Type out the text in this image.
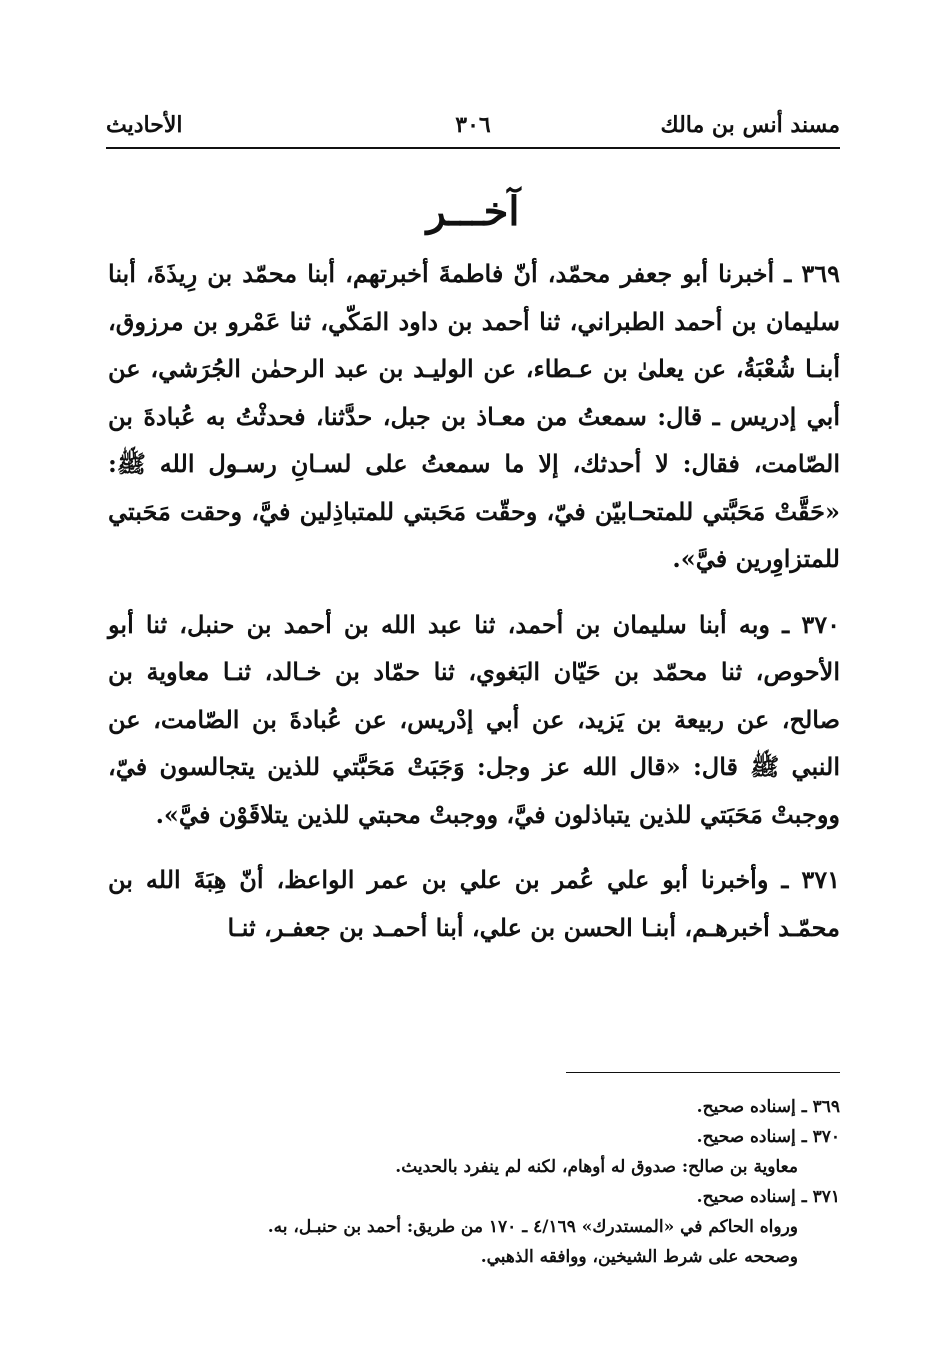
مسند أنس بن مالك
٣٠٦
الأحاديث
آخـــر

٣٦٩ ـ أخبرنا أبو جعفر محمّد، أنّ فاطمةَ أخبرتهم، أبنا محمّد بن رِيذَةَ، أبنا سليمان بن أحمد الطبراني، ثنا أحمد بن داود المَكّي، ثنا عَمْرو بن مرزوق، أبنـا شُعْبَةُ، عن يعلىٰ بن عـطاء، عن الوليـد بن عبد الرحمٰن الجُرَشي، عن أبي إدريس ـ قال: سمعتُ من معـاذ بن جبل، حدَّثنا، فحدثْتُ به عُبادةَ بن الصّامت، فقال: لا أحدثك، إلا ما سمعتُ على لسـانِ رسـول الله ﷺ: «حَقَّتْ مَحَبَّتي للمتحـابيّن فيّ، وحقّت مَحَبتي للمتباذِلين فيَّ، وحقت مَحَبتي للمتزاوِرين فيَّ».

٣٧٠ ـ وبه أبنا سليمان بن أحمد، ثنا عبد الله بن أحمد بن حنبل، ثنا أبو الأحوص، ثنا محمّد بن حَيّان البَغوي، ثنا حمّاد بن خـالد، ثنـا معاوية بن صالح، عن ربيعة بن يَزيد، عن أبي إدْريس، عن عُبادةَ بن الصّامت، عن النبي ﷺ قال: «قال الله عز وجل: وَجَبَتْ مَحَبَّتي للذين يتجالسون فيّ، ووجبتْ مَحَبَتي للذين يتباذلون فيَّ، ووجبتْ محبتي للذين يتلاقَوْن فيَّ».

٣٧١ ـ وأخبرنا أبو علي عُمر بن علي بن عمر الواعظ، أنّ هِبَةَ الله بن محمّـد أخبرهـم، أبنـا الحسن بن علي، أبنا أحمـد بن جعفـر، ثنـا

٣٦٩ ـ إسناده صحيح.

٣٧٠ ـ إسناده صحيح.

معاوية بن صالح: صدوق له أوهام، لكنه لم ينفرد بالحديث.

٣٧١ ـ إسناده صحيح.

ورواه الحاكم في «المستدرك» ٤/١٦٩ ـ ١٧٠ من طريق: أحمد بن حنبـل، به.

وصححه على شرط الشيخين، ووافقه الذهبي.
